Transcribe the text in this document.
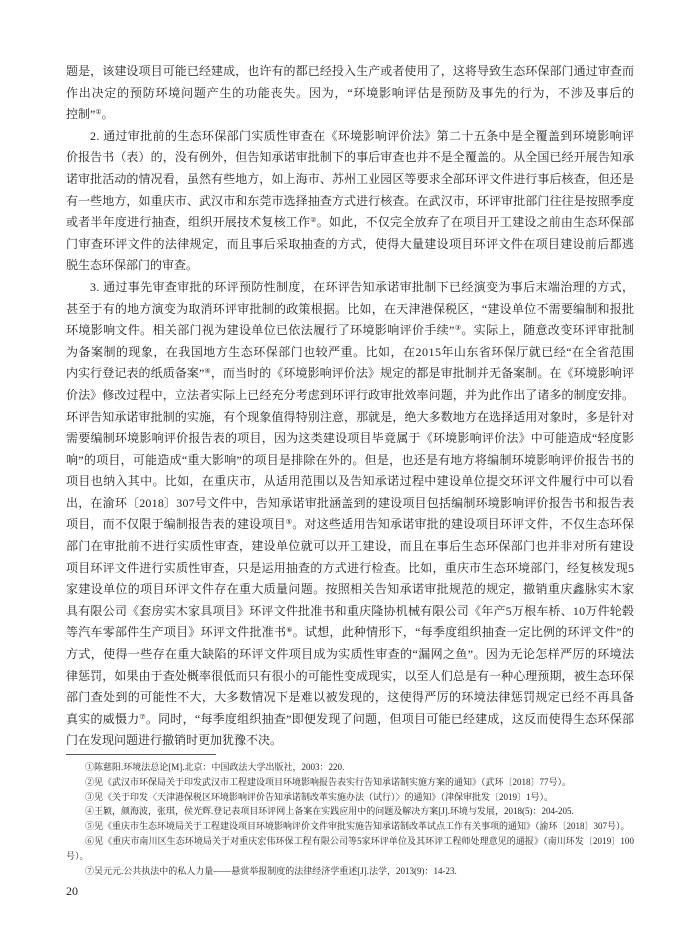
题是，该建设项目可能已经建成，也许有的都已经投入生产或者使用了，这将导致生态环保部门通过审查而
作出决定的预防环境问题产生的功能丧失。因为，“环境影响评估是预防及事先的行为，不涉及事后的
控制”①。
2. 通过审批前的生态环保部门实质性审查在《环境影响评价法》第二十五条中是全覆盖到环境影响评
价报告书（表）的，没有例外，但告知承诺审批制下的事后审查也并不是全覆盖的。从全国已经开展告知承
诺审批活动的情况看，虽然有些地方，如上海市、苏州工业园区等要求全部环评文件进行事后核查，但还是
有一些地方，如重庆市、武汉市和东莞市选择抽查方式进行核查。在武汉市，环评审批部门往往是按照季度
或者半年度进行抽查，组织开展技术复核工作②。如此，不仅完全放弃了在项目开工建设之前由生态环保部
门审查环评文件的法律规定，而且事后采取抽查的方式，使得大量建设项目环评文件在项目建设前后都逃
脱生态环保部门的审查。
3. 通过事先审查审批的环评预防性制度，在环评告知承诺审批制下已经演变为事后末端治理的方式，
甚至于有的地方演变为取消环评审批制的政策根据。比如，在天津港保税区，“建设单位不需要编制和报批
环境影响文件。相关部门视为建设单位已依法履行了环境影响评价手续”③。实际上，随意改变环评审批制
为备案制的现象，在我国地方生态环保部门也较严重。比如，在2015年山东省环保厅就已经“在全省范围
内实行登记表的纸质备案”④，而当时的《环境影响评价法》规定的都是审批制并无备案制。在《环境影响评
价法》修改过程中，立法者实际上已经充分考虑到环评行政审批效率问题，并为此作出了诸多的制度安排。
环评告知承诺审批制的实施，有个现象值得特别注意，那就是，绝大多数地方在选择适用对象时，多是针对
需要编制环境影响评价报告表的项目，因为这类建设项目毕竟属于《环境影响评价法》中可能造成“轻度影
响”的项目，可能造成“重大影响”的项目是排除在外的。但是，也还是有地方将编制环境影响评价报告书的
项目也纳入其中。比如，在重庆市，从适用范围以及告知承诺过程中建设单位提交环评文件履行中可以看
出，在渝环〔2018〕307号文件中，告知承诺审批涵盖到的建设项目包括编制环境影响评价报告书和报告表
项目，而不仅限于编制报告表的建设项目⑤。对这些适用告知承诺审批的建设项目环评文件，不仅生态环保
部门在审批前不进行实质性审查，建设单位就可以开工建设，而且在事后生态环保部门也并非对所有建设
项目环评文件进行实质性审查，只是运用抽查的方式进行检查。比如，重庆市生态环境部门，经复核发现5
家建设单位的项目环评文件存在重大质量问题。按照相关告知承诺审批规范的规定，撤销重庆鑫脉实木家
具有限公司《套房实木家具项目》环评文件批准书和重庆隆协机械有限公司《年产5万根车桥、10万件轮毂
等汽车零部件生产项目》环评文件批准书⑥。试想，此种情形下，“每季度组织抽查一定比例的环评文件”的
方式，使得一些存在重大缺陷的环评文件项目成为实质性审查的“漏网之鱼”。因为无论怎样严厉的环境法
律惩罚，如果由于查处概率很低而只有很小的可能性变成现实，以至人们总是有一种心理预期，被生态环保
部门查处到的可能性不大，大多数情况下是难以被发现的，这使得严厉的环境法律惩罚规定已经不再具备
真实的威慑力⑦。同时，“每季度组织抽查”即便发现了问题，但项目可能已经建成，这反而使得生态环保部
门在发现问题进行撤销时更加犹豫不决。
①陈慈阳.环境法总论[M].北京：中国政法大学出版社，2003：220.
②见《武汉市环保局关于印发武汉市工程建设项目环境影响报告表实行告知承诺制实施方案的通知》（武环〔2018〕77号）。
③见《关于印发〈天津港保税区环境影响评价告知承诺制改革实施办法（试行）〉的通知》（津保审批发〔2019〕1号）。
④王颖，颜海波，张琪，侯光辉.登记表项目环评网上备案在实践应用中的问题及解决方案[J].环境与发展，2018(5)：204-205.
⑤见《重庆市生态环境局关于工程建设项目环境影响评价文件审批实施告知承诺制改革试点工作有关事项的通知》（渝环〔2018〕307号）。
⑥见《重庆市南川区生态环境局关于对重庆宏伟环保工程有限公司等5家环评单位及其环评工程师处理意见的通报》（南川环发〔2019〕100
号）。
⑦吴元元.公共执法中的私人力量——悬赏举报制度的法律经济学重述[J].法学，2013(9)：14-23.
20
